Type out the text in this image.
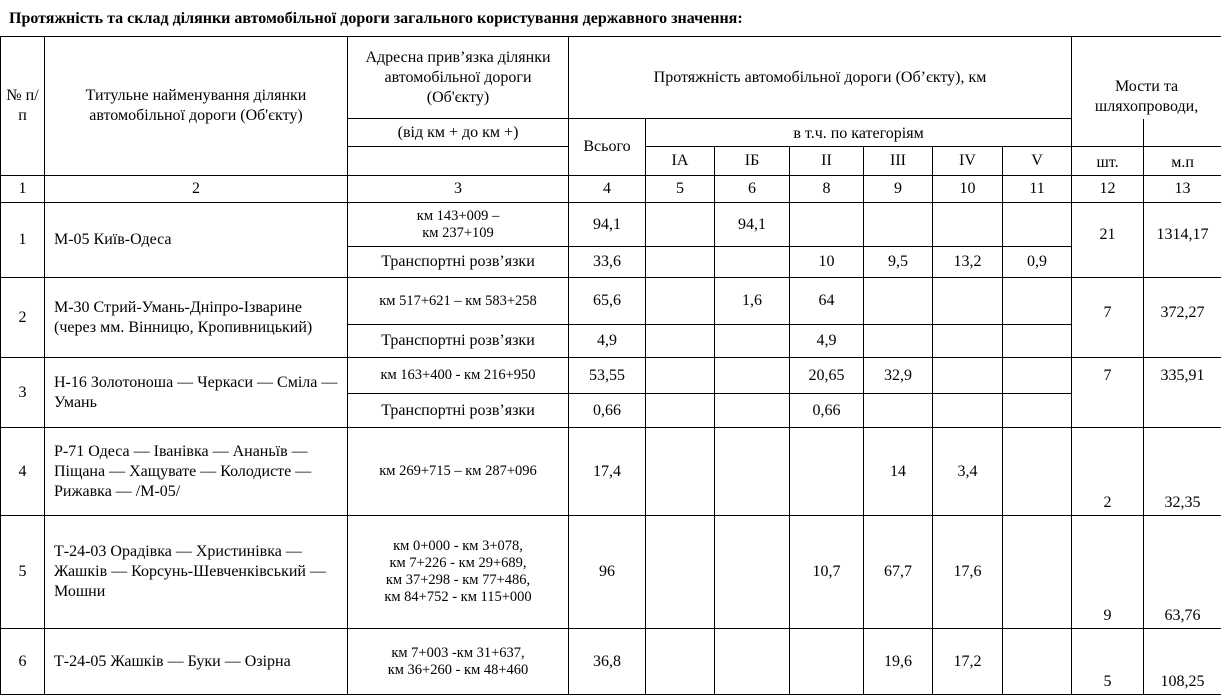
Протяжність та склад ділянки автомобільної дороги загального користування державного значення:
№ п/п	Титульне найменування ділянки автомобільної дороги (Об'єкту)	Адресна прив’язка ділянки автомобільної дороги (Об'єкту)	Протяжність автомобільної дороги (Об’єкту), км							Мости та шляхопроводи,	
		(від км + до км +)	Всього	в т.ч. по категоріям							
				ІА	ІБ	ІІ	ІІІ	ІV	V	шт.	м.п
1	2	3	4	5	6	8	9	10	11	12	13
1	М-05 Київ-Одеса	км 143+009 –
км 237+109	94,1		94,1					21	1314,17
		Транспортні розв’язки	33,6			10	9,5	13,2	0,9		
2	М-30 Стрий-Умань-Дніпро-Ізварине (через мм. Вінницю, Кропивницький)	км 517+621 – км 583+258	65,6		1,6	64				7	372,27
		Транспортні розв’язки	4,9			4,9					
3	Н-16 Золотоноша — Черкаси — Сміла — Умань	км 163+400 - км 216+950	53,55			20,65	32,9			7	335,91
		Транспортні розв’язки	0,66			0,66					
4	Р-71 Одеса — Іванівка — Ананьїв — Піщана — Хащувате — Колодисте — Рижавка — /М-05/	км 269+715 – км 287+096	17,4				14	3,4		2	32,35
5	Т-24-03 Орадівка — Христинівка — Жашків — Корсунь-Шевченківський — Мошни	км 0+000 - км 3+078,
км 7+226 - км 29+689,
км 37+298 - км 77+486,
км 84+752 - км 115+000	96			10,7	67,7	17,6		9	63,76
6	Т-24-05 Жашків — Буки — Озірна	км 7+003 -км 31+637,
км 36+260 - км 48+460	36,8				19,6	17,2		5	108,25
